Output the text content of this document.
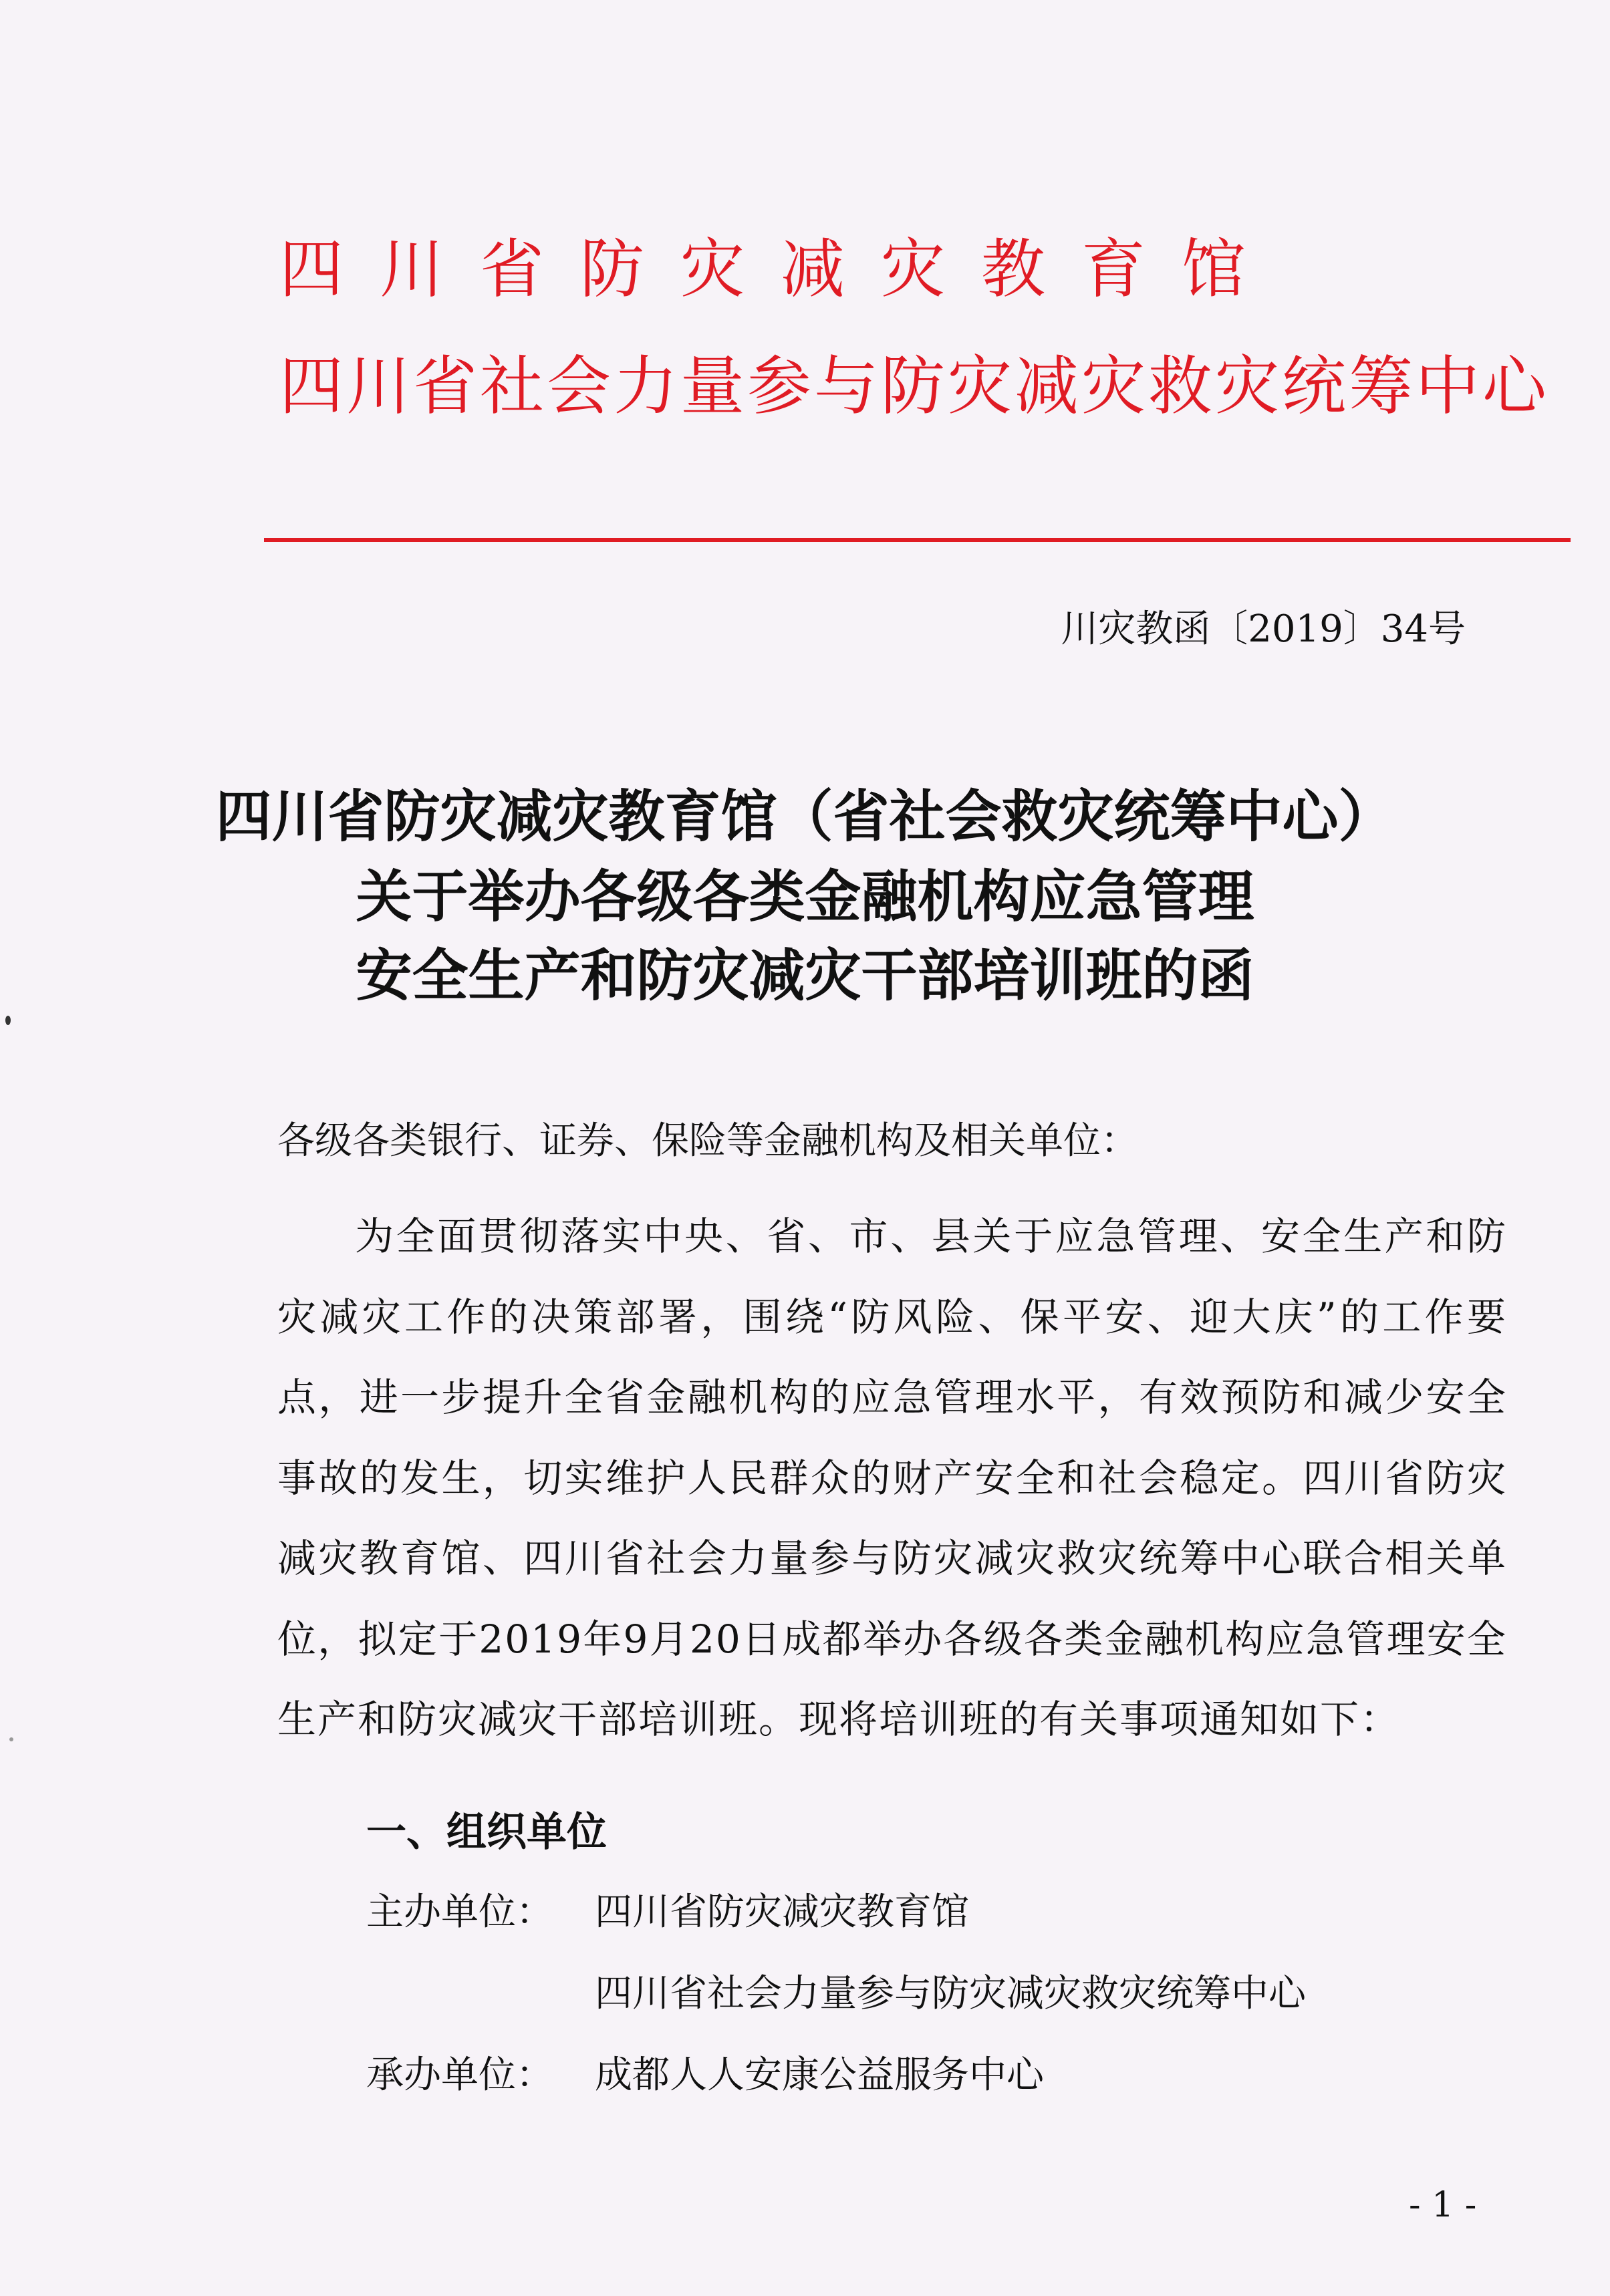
四川省防灾减灾教育馆
四川省社会力量参与防灾减灾救灾统筹中心
川灾教函〔2019〕34号
四川省防灾减灾教育馆（省社会救灾统筹中心）
关于举办各级各类金融机构应急管理
安全生产和防灾减灾干部培训班的函
各级各类银行、证券、保险等金融机构及相关单位：
为全面贯彻落实中央、省、市、县关于应急管理、安全生产和防灾减灾工作的决策部署，围绕“防风险、保平安、迎大庆”的工作要点，进一步提升全省金融机构的应急管理水平，有效预防和减少安全事故的发生，切实维护人民群众的财产安全和社会稳定。四川省防灾减灾教育馆、四川省社会力量参与防灾减灾救灾统筹中心联合相关单位，拟定于2019年9月20日成都举办各级各类金融机构应急管理安全生产和防灾减灾干部培训班。现将培训班的有关事项通知如下：
一、组织单位
主办单位： 四川省防灾减灾教育馆
四川省社会力量参与防灾减灾救灾统筹中心
承办单位： 成都人人安康公益服务中心
- 1 -
